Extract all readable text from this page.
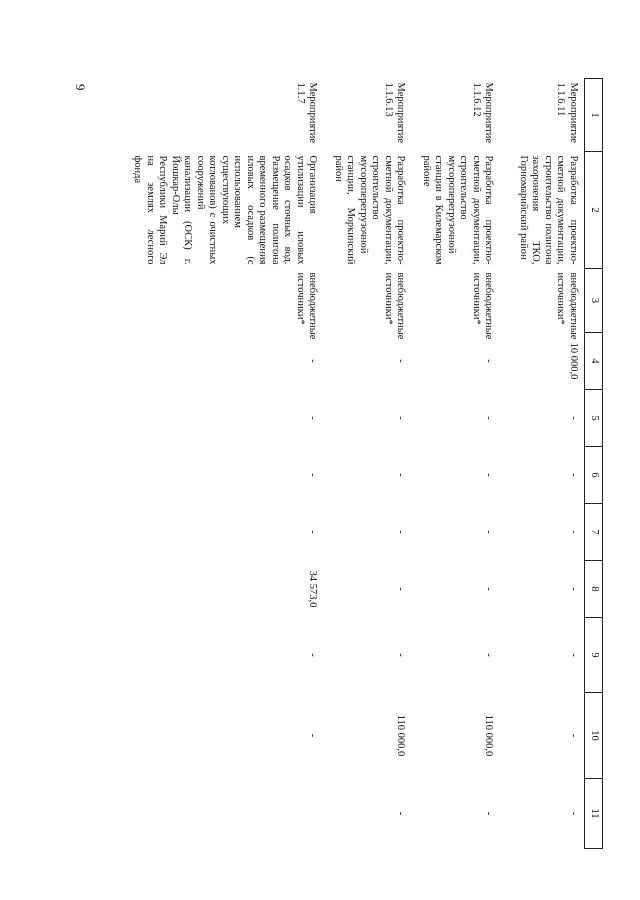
9
1	2	3	4	5	6	7	8	9	10	11
Мероприятие 1.1.6.11	Разработка проектно-сметной документации, строительство полигона захоронения ТКО, Горномарийский район	внебюджетные источники*	10 000,0	-	-	-	-	-	-	-
Мероприятие 1.1.6.12	Разработка проектно-сметной документации, строительство мусороперегрузочной станции в Килемарском районе	внебюджетные источники*	-	-	-	-	-	-	110 000,0	-
Мероприятие 1.1.6.13	Разработка проектно-сметной документации, строительство мусороперегрузочной станции, Моркинский район	внебюджетные источники*	-	-	-	-	-	-	110 000,0	-
Мероприятие 1.1.7	Организация утилизации иловых осадков сточных вод. Размещение полигона временного размещения иловых осадков (с использованием существующих котлованов) с очистных сооружений канализации (ОСК) г. Йошкар-Олы Республики Марий Эл на землях лесного фонда	внебюджетные источники*	-	-	-	-	34 573,0	-	-	
